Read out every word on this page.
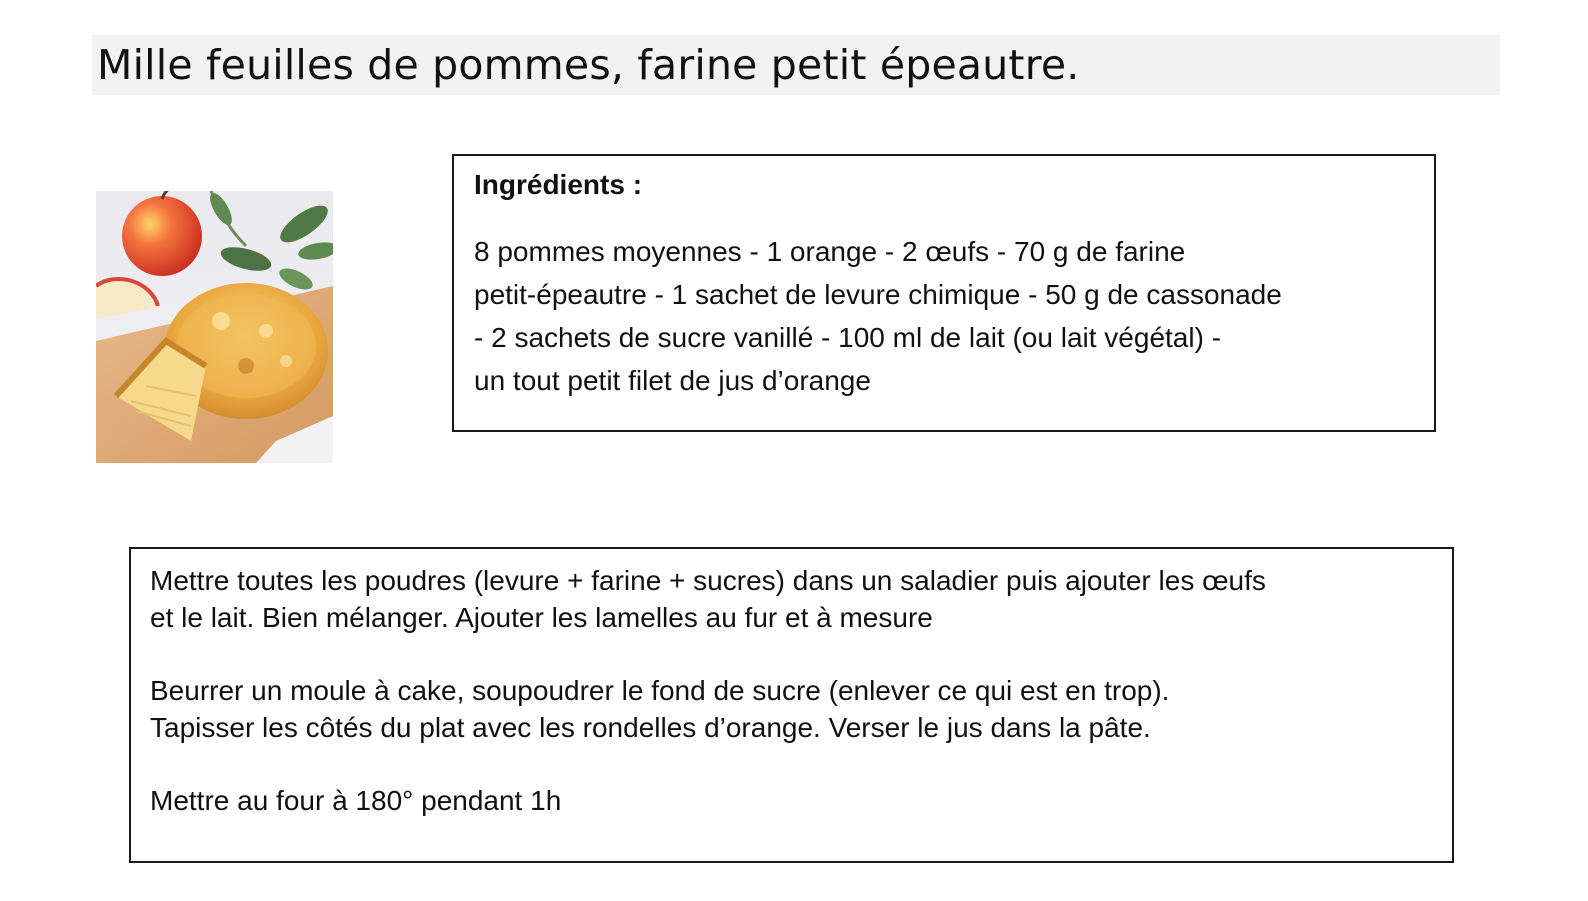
Mille feuilles de pommes, farine petit épeautre.
Ingrédients :
8 pommes moyennes - 1 orange - 2 œufs - 70 g de farine
petit-épeautre - 1 sachet de levure chimique - 50 g de cassonade
- 2 sachets de sucre vanillé - 100 ml de lait (ou lait végétal) -
un tout petit filet de jus d’orange

Mettre toutes les poudres (levure + farine + sucres) dans un saladier puis ajouter les œufs
et le lait. Bien mélanger. Ajouter les lamelles au fur et à mesure

Beurrer un moule à cake, soupoudrer le fond de sucre (enlever ce qui est en trop).
Tapisser les côtés du plat avec les rondelles d’orange. Verser le jus dans la pâte.

Mettre au four à 180° pendant 1h
